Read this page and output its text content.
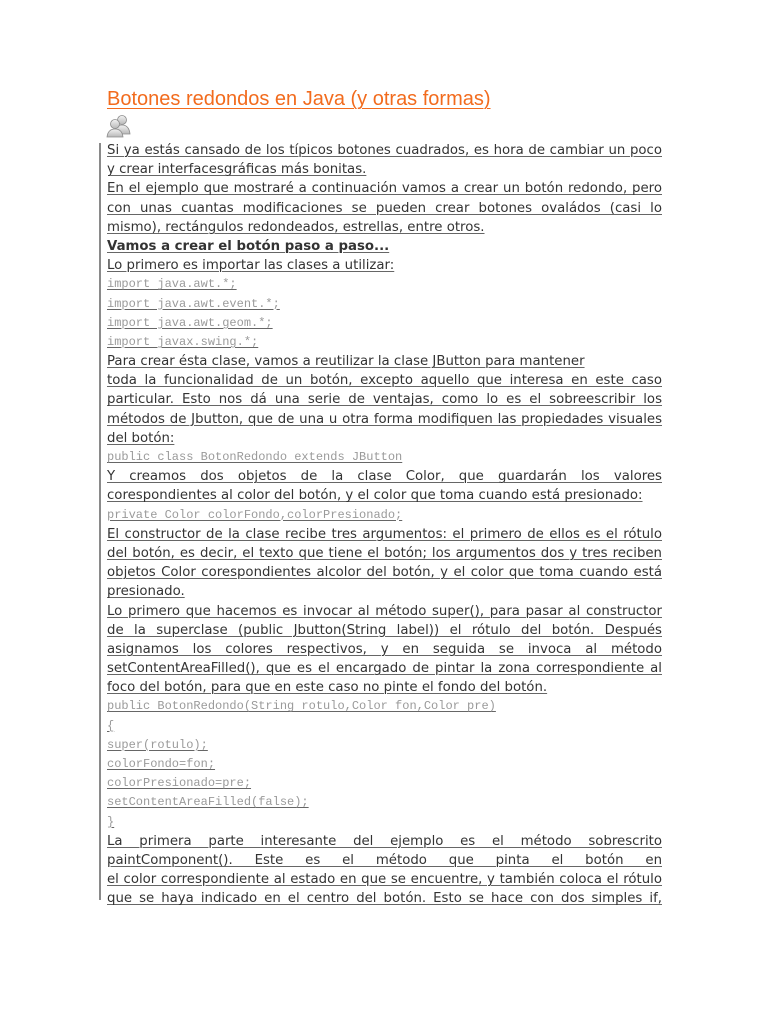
Botones redondos en Java (y otras formas)
Si ya estás cansado de los típicos botones cuadrados, es hora de cambiar un poco
y crear interfacesgráficas más bonitas.
En el ejemplo que mostraré a continuación vamos a crear un botón redondo, pero
con unas cuantas modificaciones se pueden crear botones ovaládos (casi lo
mismo), rectángulos redondeados, estrellas, entre otros.
Vamos a crear el botón paso a paso...
Lo primero es importar las clases a utilizar:
import java.awt.*;
import java.awt.event.*;
import java.awt.geom.*;
import javax.swing.*;
Para crear ésta clase, vamos a reutilizar la clase JButton para mantener
toda la funcionalidad de un botón, excepto aquello que interesa en este caso
particular. Esto nos dá una serie de ventajas, como lo es el sobreescribir los
métodos de Jbutton, que de una u otra forma modifiquen las propiedades visuales
del botón:
public class BotonRedondo extends JButton
Y creamos dos objetos de la clase Color, que guardarán los valores
corespondientes al color del botón, y el color que toma cuando está presionado:
private Color colorFondo,colorPresionado;
El constructor de la clase recibe tres argumentos: el primero de ellos es el rótulo
del botón, es decir, el texto que tiene el botón; los argumentos dos y tres reciben
objetos Color corespondientes alcolor del botón, y el color que toma cuando está
presionado.
Lo primero que hacemos es invocar al método super(), para pasar al constructor
de la superclase (public Jbutton(String label)) el rótulo del botón. Después
asignamos los colores respectivos, y en seguida se invoca al método
setContentAreaFilled(), que es el encargado de pintar la zona correspondiente al
foco del botón, para que en este caso no pinte el fondo del botón.
public BotonRedondo(String rotulo,Color fon,Color pre)
{
super(rotulo);
colorFondo=fon;
colorPresionado=pre;
setContentAreaFilled(false);
}
La primera parte interesante del ejemplo es el método sobrescrito
paintComponent(). Este es el método que pinta el botón en
el color correspondiente al estado en que se encuentre, y también coloca el rótulo
que se haya indicado en el centro del botón. Esto se hace con dos simples if,
